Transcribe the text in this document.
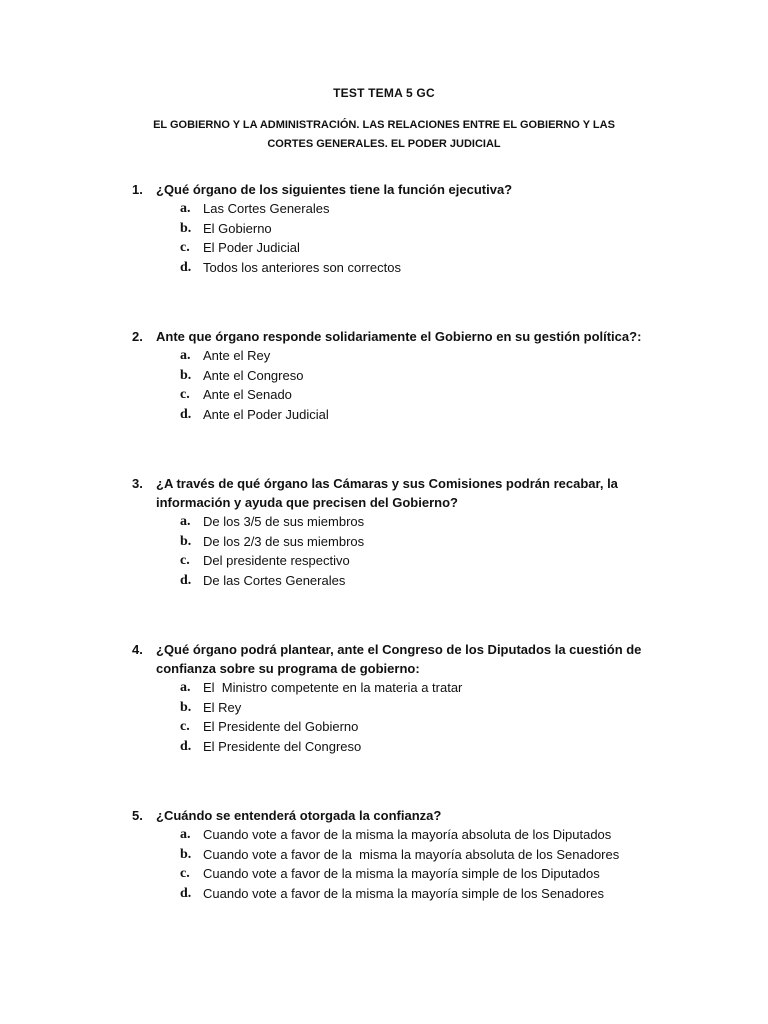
TEST TEMA 5 GC
EL GOBIERNO Y LA ADMINISTRACIÓN. LAS RELACIONES ENTRE EL GOBIERNO Y LAS CORTES GENERALES. EL PODER JUDICIAL
1. ¿Qué órgano de los siguientes tiene la función ejecutiva?
a. Las Cortes Generales
b. El Gobierno
c. El Poder Judicial
d. Todos los anteriores son correctos
2. Ante que órgano responde solidariamente el Gobierno en su gestión política?:
a. Ante el Rey
b. Ante el Congreso
c. Ante el Senado
d. Ante el Poder Judicial
3. ¿A través de qué órgano las Cámaras y sus Comisiones podrán recabar, la información y ayuda que precisen del Gobierno?
a. De los 3/5 de sus miembros
b. De los 2/3 de sus miembros
c. Del presidente respectivo
d. De las Cortes Generales
4. ¿Qué órgano podrá plantear, ante el Congreso de los Diputados la cuestión de confianza sobre su programa de gobierno:
a. El  Ministro competente en la materia a tratar
b. El Rey
c. El Presidente del Gobierno
d. El Presidente del Congreso
5. ¿Cuándo se entenderá otorgada la confianza?
a. Cuando vote a favor de la misma la mayoría absoluta de los Diputados
b. Cuando vote a favor de la  misma la mayoría absoluta de los Senadores
c. Cuando vote a favor de la misma la mayoría simple de los Diputados
d. Cuando vote a favor de la misma la mayoría simple de los Senadores
